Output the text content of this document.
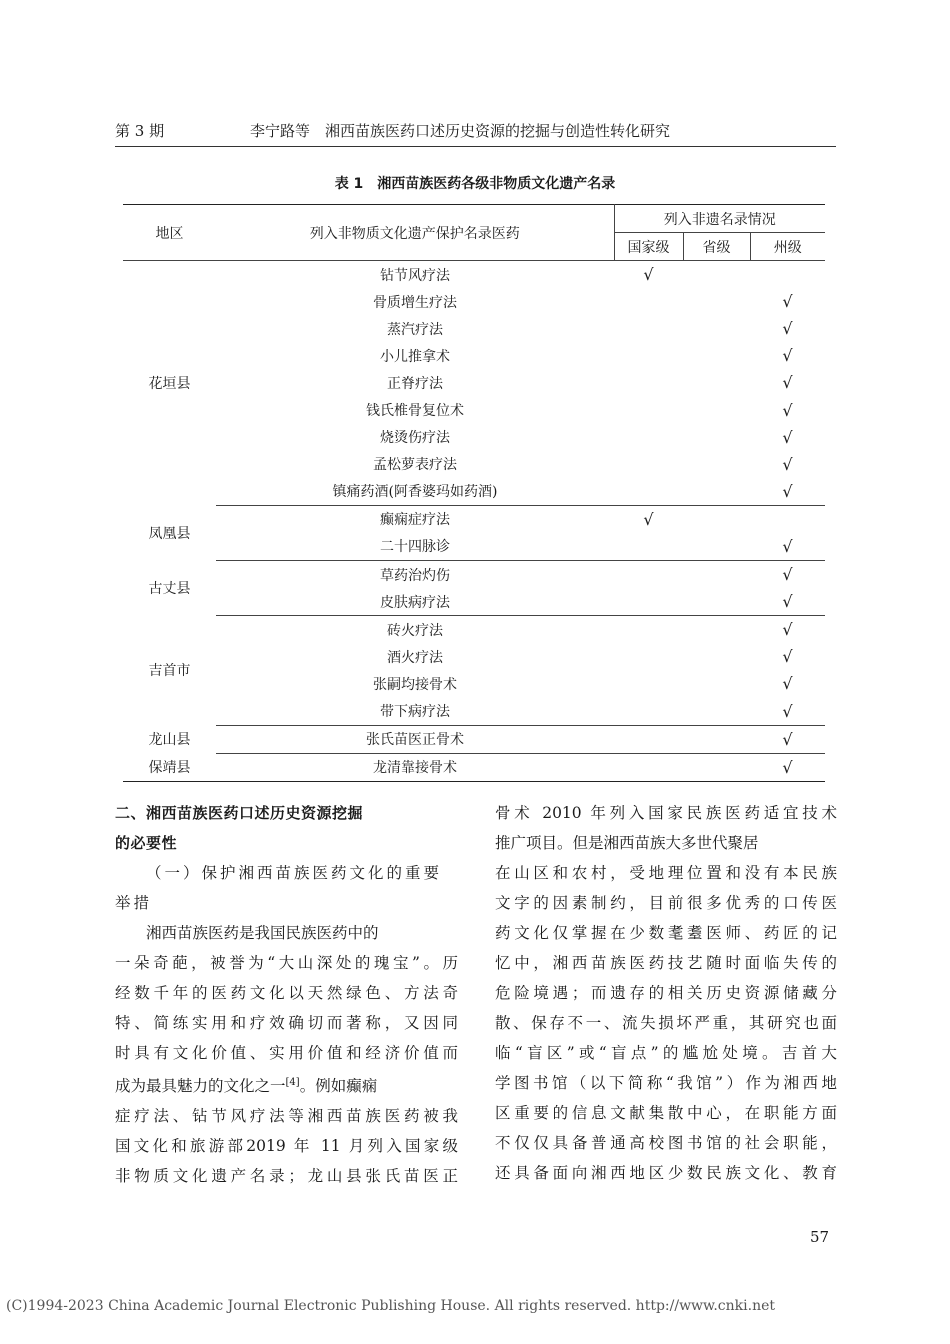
第 3 期	李宁路等　湘西苗族医药口述历史资源的挖掘与创造性转化研究
表 1　湘西苗族医药各级非物质文化遗产名录
地区	列入非物质文化遗产保护名录医药	列入非遗名录情况		
		国家级	省级	州级
花垣县	钻节风疗法	√		
	骨质增生疗法			√
	蒸汽疗法			√
	小儿推拿术			√
	正脊疗法			√
	钱氏椎骨复位术			√
	烧烫伤疗法			√
	孟松萝表疗法			√
	镇痛药酒(阿香婆玛如药酒)			√
凤凰县	癫痫症疗法	√		
	二十四脉诊			√
古丈县	草药治灼伤			√
	皮肤病疗法			√
吉首市	砖火疗法			√
	酒火疗法			√
	张嗣均接骨术			√
	带下病疗法			√
龙山县	张氏苗医正骨术			√
保靖县	龙清靠接骨术			√

二、湘西苗族医药口述历史资源挖掘

的必要性

（一）保护湘西苗族医药文化的重要

举措

湘西苗族医药是我国民族医药中的

一朵奇葩，被誉为“大山深处的瑰宝”。历

经数千年的医药文化以天然绿色、方法奇

特、简练实用和疗效确切而著称，又因同

时具有文化价值、实用价值和经济价值而

成为最具魅力的文化之一[4]。例如癫痫

症疗法、钻节风疗法等湘西苗族医药被我

国文化和旅游部2019 年 11 月列入国家级

非物质文化遗产名录；龙山县张氏苗医正

骨术 2010 年列入国家民族医药适宜技术

推广项目。但是湘西苗族大多世代聚居

在山区和农村，受地理位置和没有本民族

文字的因素制约，目前很多优秀的口传医

药文化仅掌握在少数耄耋医师、药匠的记

忆中，湘西苗族医药技艺随时面临失传的

危险境遇；而遗存的相关历史资源储藏分

散、保存不一、流失损坏严重，其研究也面

临“盲区”或“盲点”的尴尬处境。吉首大

学图书馆（以下简称“我馆”）作为湘西地

区重要的信息文献集散中心，在职能方面

不仅仅具备普通高校图书馆的社会职能，

还具备面向湘西地区少数民族文化、教育

57
(C)1994-2023 China Academic Journal Electronic Publishing House. All rights reserved. http://www.cnki.net
